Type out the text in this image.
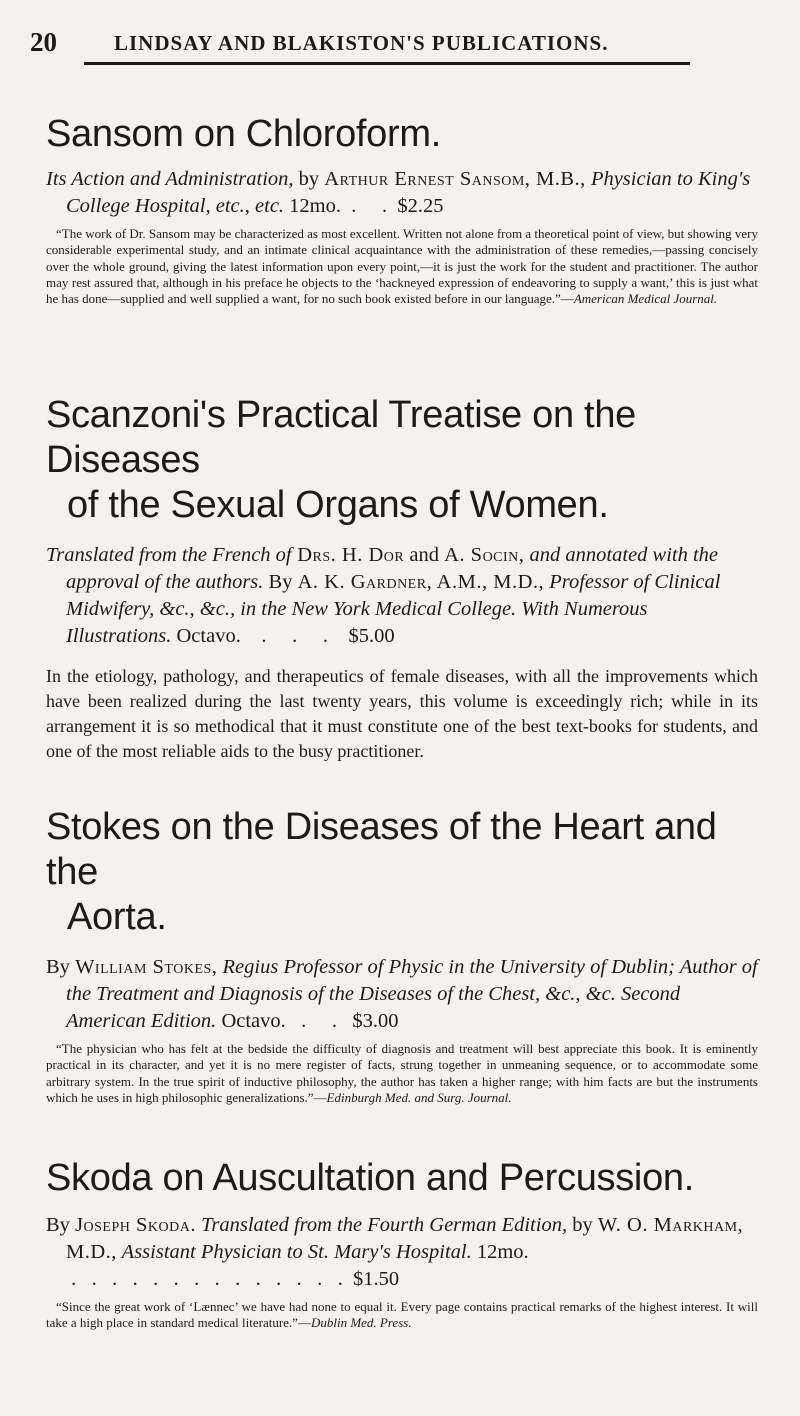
20	LINDSAY AND BLAKISTON'S PUBLICATIONS.
Sansom on Chloroform.

Its Action and Administration, by Arthur Ernest Sansom, M.B., Physician to King's College Hospital, etc., etc. 12mo.  .     .  $2.25

“The work of Dr. Sansom may be characterized as most excellent. Written not alone from a theoretical point of view, but showing very considerable experimental study, and an intimate clinical acquaintance with the administration of these remedies,—passing concisely over the whole ground, giving the latest information upon every point,—it is just the work for the student and practitioner. The author may rest assured that, although in his preface he objects to the ‘hackneyed expression of endeavoring to supply a want,’ this is just what he has done—supplied and well supplied a want, for no such book existed before in our language.”—American Medical Journal.

Scanzoni's Practical Treatise on the Diseases
of the Sexual Organs of Women.

Translated from the French of Drs. H. Dor and A. Socin, and annotated with the approval of the authors. By A. K. Gardner, A.M., M.D., Professor of Clinical Midwifery, &c., &c., in the New York Medical College. With Numerous Illustrations. Octavo.    .     .     .    $5.00

In the etiology, pathology, and therapeutics of female diseases, with all the improvements which have been realized during the last twenty years, this volume is exceedingly rich; while in its arrangement it is so methodical that it must constitute one of the best text-books for students, and one of the most reliable aids to the busy practitioner.

Stokes on the Diseases of the Heart and the
Aorta.

By William Stokes, Regius Professor of Physic in the University of Dublin; Author of the Treatment and Diagnosis of the Diseases of the Chest, &c., &c. Second American Edition. Octavo.   .     .   $3.00

“The physician who has felt at the bedside the difficulty of diagnosis and treatment will best appreciate this book. It is eminently practical in its character, and yet it is no mere register of facts, strung together in unmeaning sequence, or to accommodate some arbitrary system. In the true spirit of inductive philosophy, the author has taken a higher range; with him facts are but the instruments which he uses in high philosophic generalizations.”—Edinburgh Med. and Surg. Journal.

Skoda on Auscultation and Percussion.

By Joseph Skoda. Translated from the Fourth German Edition, by W. O. Markham, M.D., Assistant Physician to St. Mary's Hospital. 12mo. .   .   .   .   .   .   .   .   .   .   .   .   .   .  $1.50

“Since the great work of ‘Lænnec’ we have had none to equal it. Every page contains practical remarks of the highest interest. It will take a high place in standard medical literature.”—Dublin Med. Press.
